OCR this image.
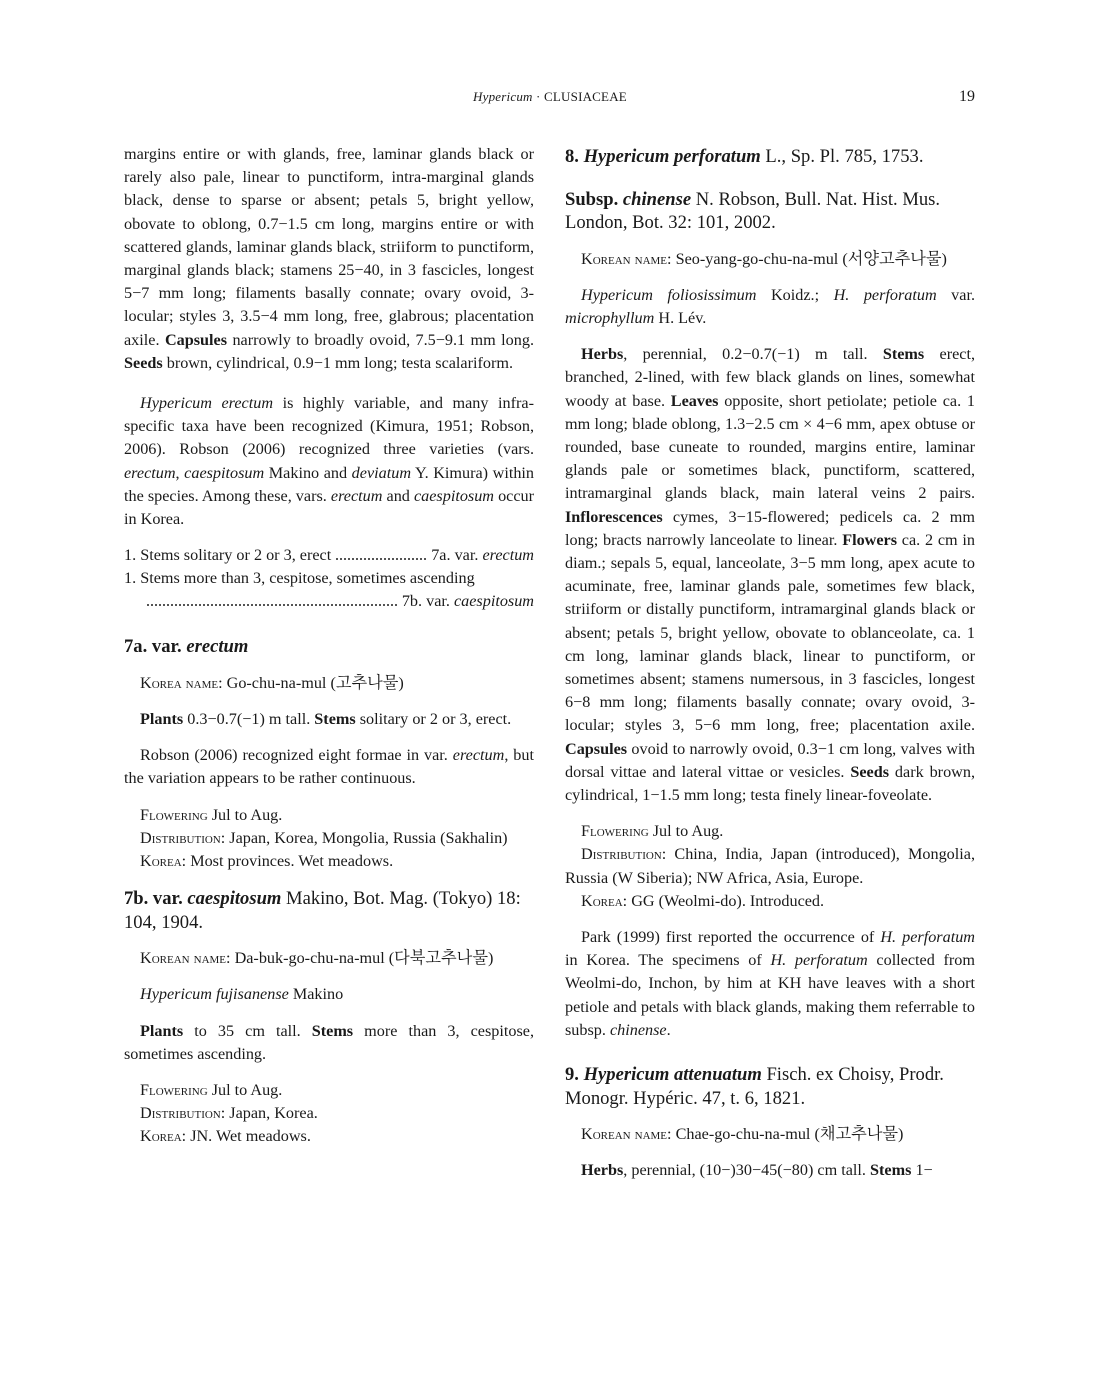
Hypericum · CLUSIACEAE	19

margins entire or with glands, free, laminar glands black or rarely also pale, linear to punctiform, intra-marginal glands black, dense to sparse or absent; petals 5, bright yellow, obovate to oblong, 0.7−1.5 cm long, margins entire or with scattered glands, laminar glands black, striiform to punctiform, marginal glands black; stamens 25−40, in 3 fascicles, longest 5−7 mm long; filaments basally connate; ovary ovoid, 3-locular; styles 3, 3.5−4 mm long, free, glabrous; placentation axile. Capsules narrowly to broadly ovoid, 7.5−9.1 mm long. Seeds brown, cylindrical, 0.9−1 mm long; testa scalariform.

Hypericum erectum is highly variable, and many infra-specific taxa have been recognized (Kimura, 1951; Robson, 2006). Robson (2006) recognized three varieties (vars. erectum, caespitosum Makino and deviatum Y. Kimura) within the species. Among these, vars. erectum and caespitosum occur in Korea.

1. Stems solitary or 2 or 3, erect	7a. var. erectum
1. Stems more than 3, cespitose, sometimes ascending
7b. var. caespitosum

7a. var. erectum

Korea name: Go-chu-na-mul (고추나물)

Plants 0.3−0.7(−1) m tall. Stems solitary or 2 or 3, erect.

Robson (2006) recognized eight formae in var. erectum, but the variation appears to be rather continuous.

Flowering Jul to Aug.

Distribution: Japan, Korea, Mongolia, Russia (Sakhalin)

Korea: Most provinces. Wet meadows.

7b. var. caespitosum Makino, Bot. Mag. (Tokyo) 18: 104, 1904.

Korean name: Da-buk-go-chu-na-mul (다북고추나물)

Hypericum fujisanense Makino

Plants to 35 cm tall. Stems more than 3, cespitose, sometimes ascending.

Flowering Jul to Aug.

Distribution: Japan, Korea.

Korea: JN. Wet meadows.

8. Hypericum perforatum L., Sp. Pl. 785, 1753.

Subsp. chinense N. Robson, Bull. Nat. Hist. Mus. London, Bot. 32: 101, 2002.

Korean name: Seo-yang-go-chu-na-mul (서양고추나물)

Hypericum foliosissimum Koidz.; H. perforatum var. microphyllum H. Lév.

Herbs, perennial, 0.2−0.7(−1) m tall. Stems erect, branched, 2-lined, with few black glands on lines, somewhat woody at base. Leaves opposite, short petiolate; petiole ca. 1 mm long; blade oblong, 1.3−2.5 cm × 4−6 mm, apex obtuse or rounded, base cuneate to rounded, margins entire, laminar glands pale or sometimes black, punctiform, scattered, intramarginal glands black, main lateral veins 2 pairs. Inflorescences cymes, 3−15-flowered; pedicels ca. 2 mm long; bracts narrowly lanceolate to linear. Flowers ca. 2 cm in diam.; sepals 5, equal, lanceolate, 3−5 mm long, apex acute to acuminate, free, laminar glands pale, sometimes few black, striiform or distally punctiform, intramarginal glands black or absent; petals 5, bright yellow, obovate to oblanceolate, ca. 1 cm long, laminar glands black, linear to punctiform, or sometimes absent; stamens numersous, in 3 fascicles, longest 6−8 mm long; filaments basally connate; ovary ovoid, 3-locular; styles 3, 5−6 mm long, free; placentation axile. Capsules ovoid to narrowly ovoid, 0.3−1 cm long, valves with dorsal vittae and lateral vittae or vesicles. Seeds dark brown, cylindrical, 1−1.5 mm long; testa finely linear-foveolate.

Flowering Jul to Aug.

Distribution: China, India, Japan (introduced), Mongolia, Russia (W Siberia); NW Africa, Asia, Europe.

Korea: GG (Weolmi-do). Introduced.

Park (1999) first reported the occurrence of H. perforatum in Korea. The specimens of H. perforatum collected from Weolmi-do, Inchon, by him at KH have leaves with a short petiole and petals with black glands, making them referrable to subsp. chinense.

9. Hypericum attenuatum Fisch. ex Choisy, Prodr. Monogr. Hypéric. 47, t. 6, 1821.

Korean name: Chae-go-chu-na-mul (채고추나물)

Herbs, perennial, (10−)30−45(−80) cm tall. Stems 1−
